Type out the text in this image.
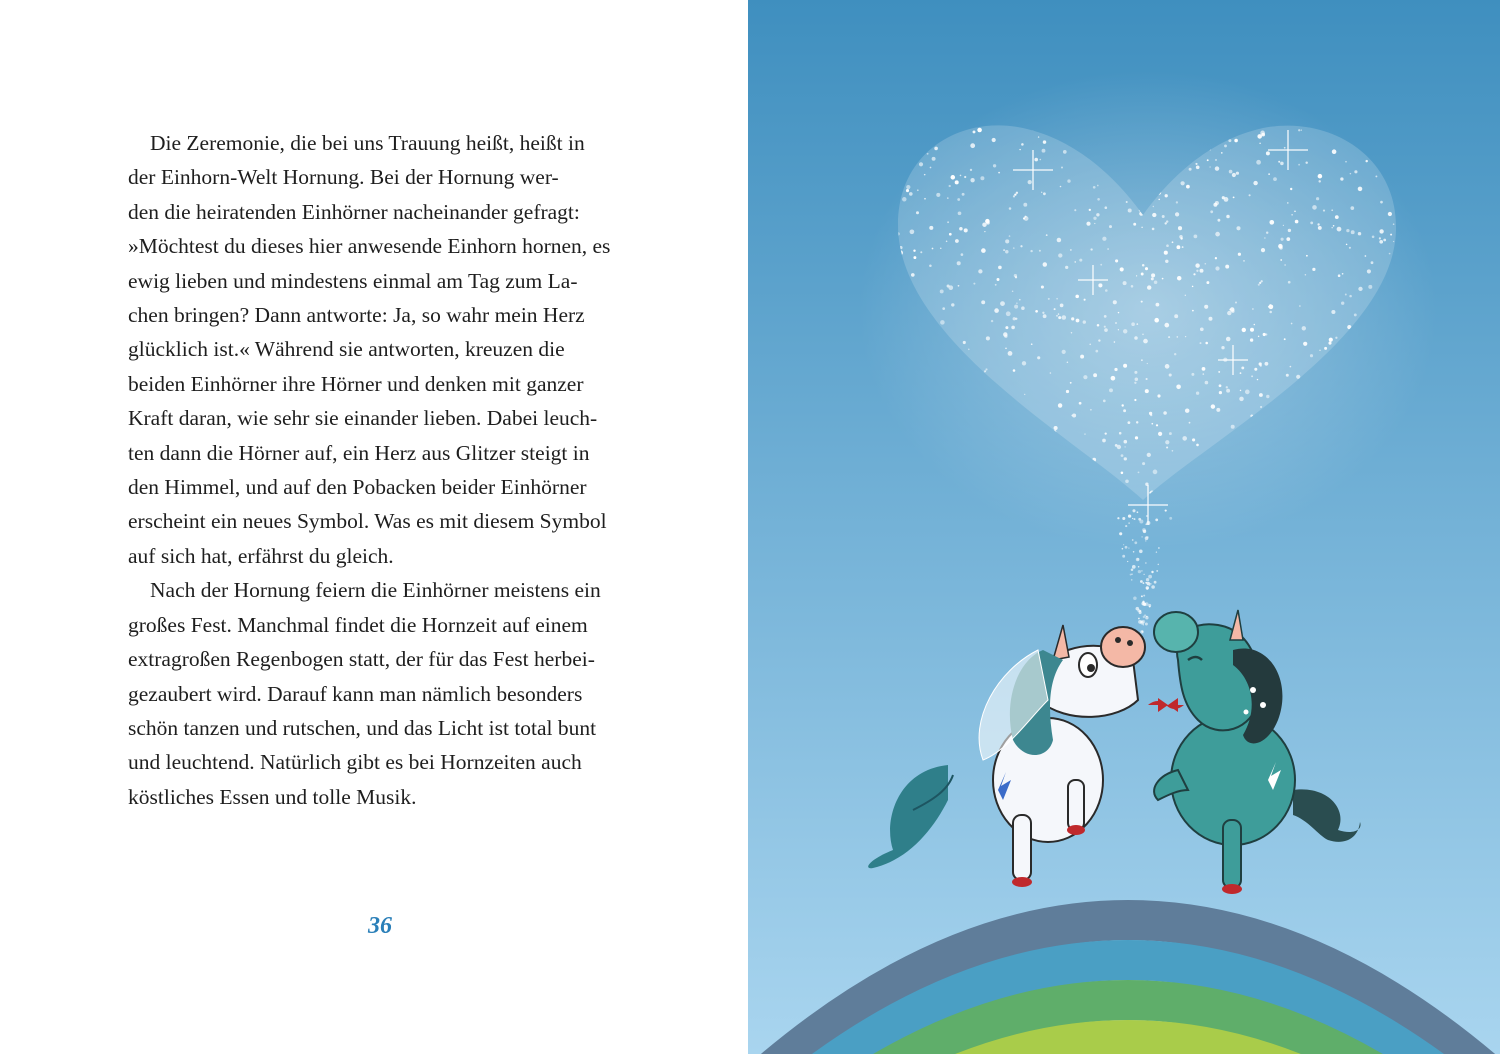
Die Zeremonie, die bei uns Trauung heißt, heißt in
der Einhorn-Welt Hornung. Bei der Hornung wer-
den die heiratenden Einhörner nacheinander gefragt:
»Möchtest du dieses hier anwesende Einhorn hornen, es
ewig lieben und mindestens einmal am Tag zum La-
chen bringen? Dann antworte: Ja, so wahr mein Herz
glücklich ist.« Während sie antworten, kreuzen die
beiden Einhörner ihre Hörner und denken mit ganzer
Kraft daran, wie sehr sie einander lieben. Dabei leuch-
ten dann die Hörner auf, ein Herz aus Glitzer steigt in
den Himmel, und auf den Pobacken beider Einhörner
erscheint ein neues Symbol. Was es mit diesem Symbol
auf sich hat, erfährst du gleich.
Nach der Hornung feiern die Einhörner meistens ein
großes Fest. Manchmal findet die Hornzeit auf einem
extragroßen Regenbogen statt, der für das Fest herbei-
gezaubert wird. Darauf kann man nämlich besonders
schön tanzen und rutschen, und das Licht ist total bunt
und leuchtend. Natürlich gibt es bei Hornzeiten auch
köstliches Essen und tolle Musik.
36
